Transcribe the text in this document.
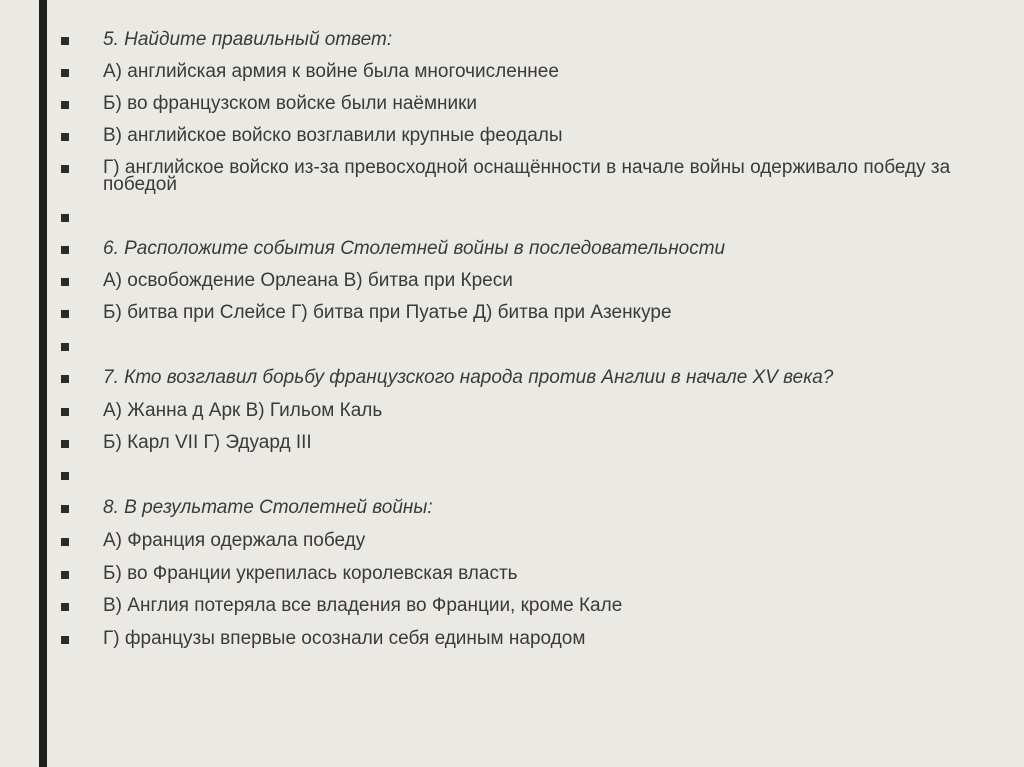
5. Найдите правильный ответ:
А) английская армия к войне была многочисленнее
Б) во французском войске были наёмники
В) английское войско возглавили крупные феодалы
Г) английское войско из-за превосходной оснащённости в начале войны одерживало победу за победой
6. Расположите события Столетней войны в последовательности
А) освобождение Орлеана В) битва при Креси
Б) битва при Слейсе Г) битва при Пуатье Д) битва при Азенкуре
7. Кто возглавил борьбу французского народа против Англии в начале XV века?
А) Жанна д Арк В) Гильом Каль
Б) Карл VII Г) Эдуард III
8. В результате Столетней войны:
А) Франция одержала победу
Б) во Франции укрепилась королевская власть
В) Англия потеряла все владения во Франции, кроме Кале
Г) французы впервые осознали себя единым народом
